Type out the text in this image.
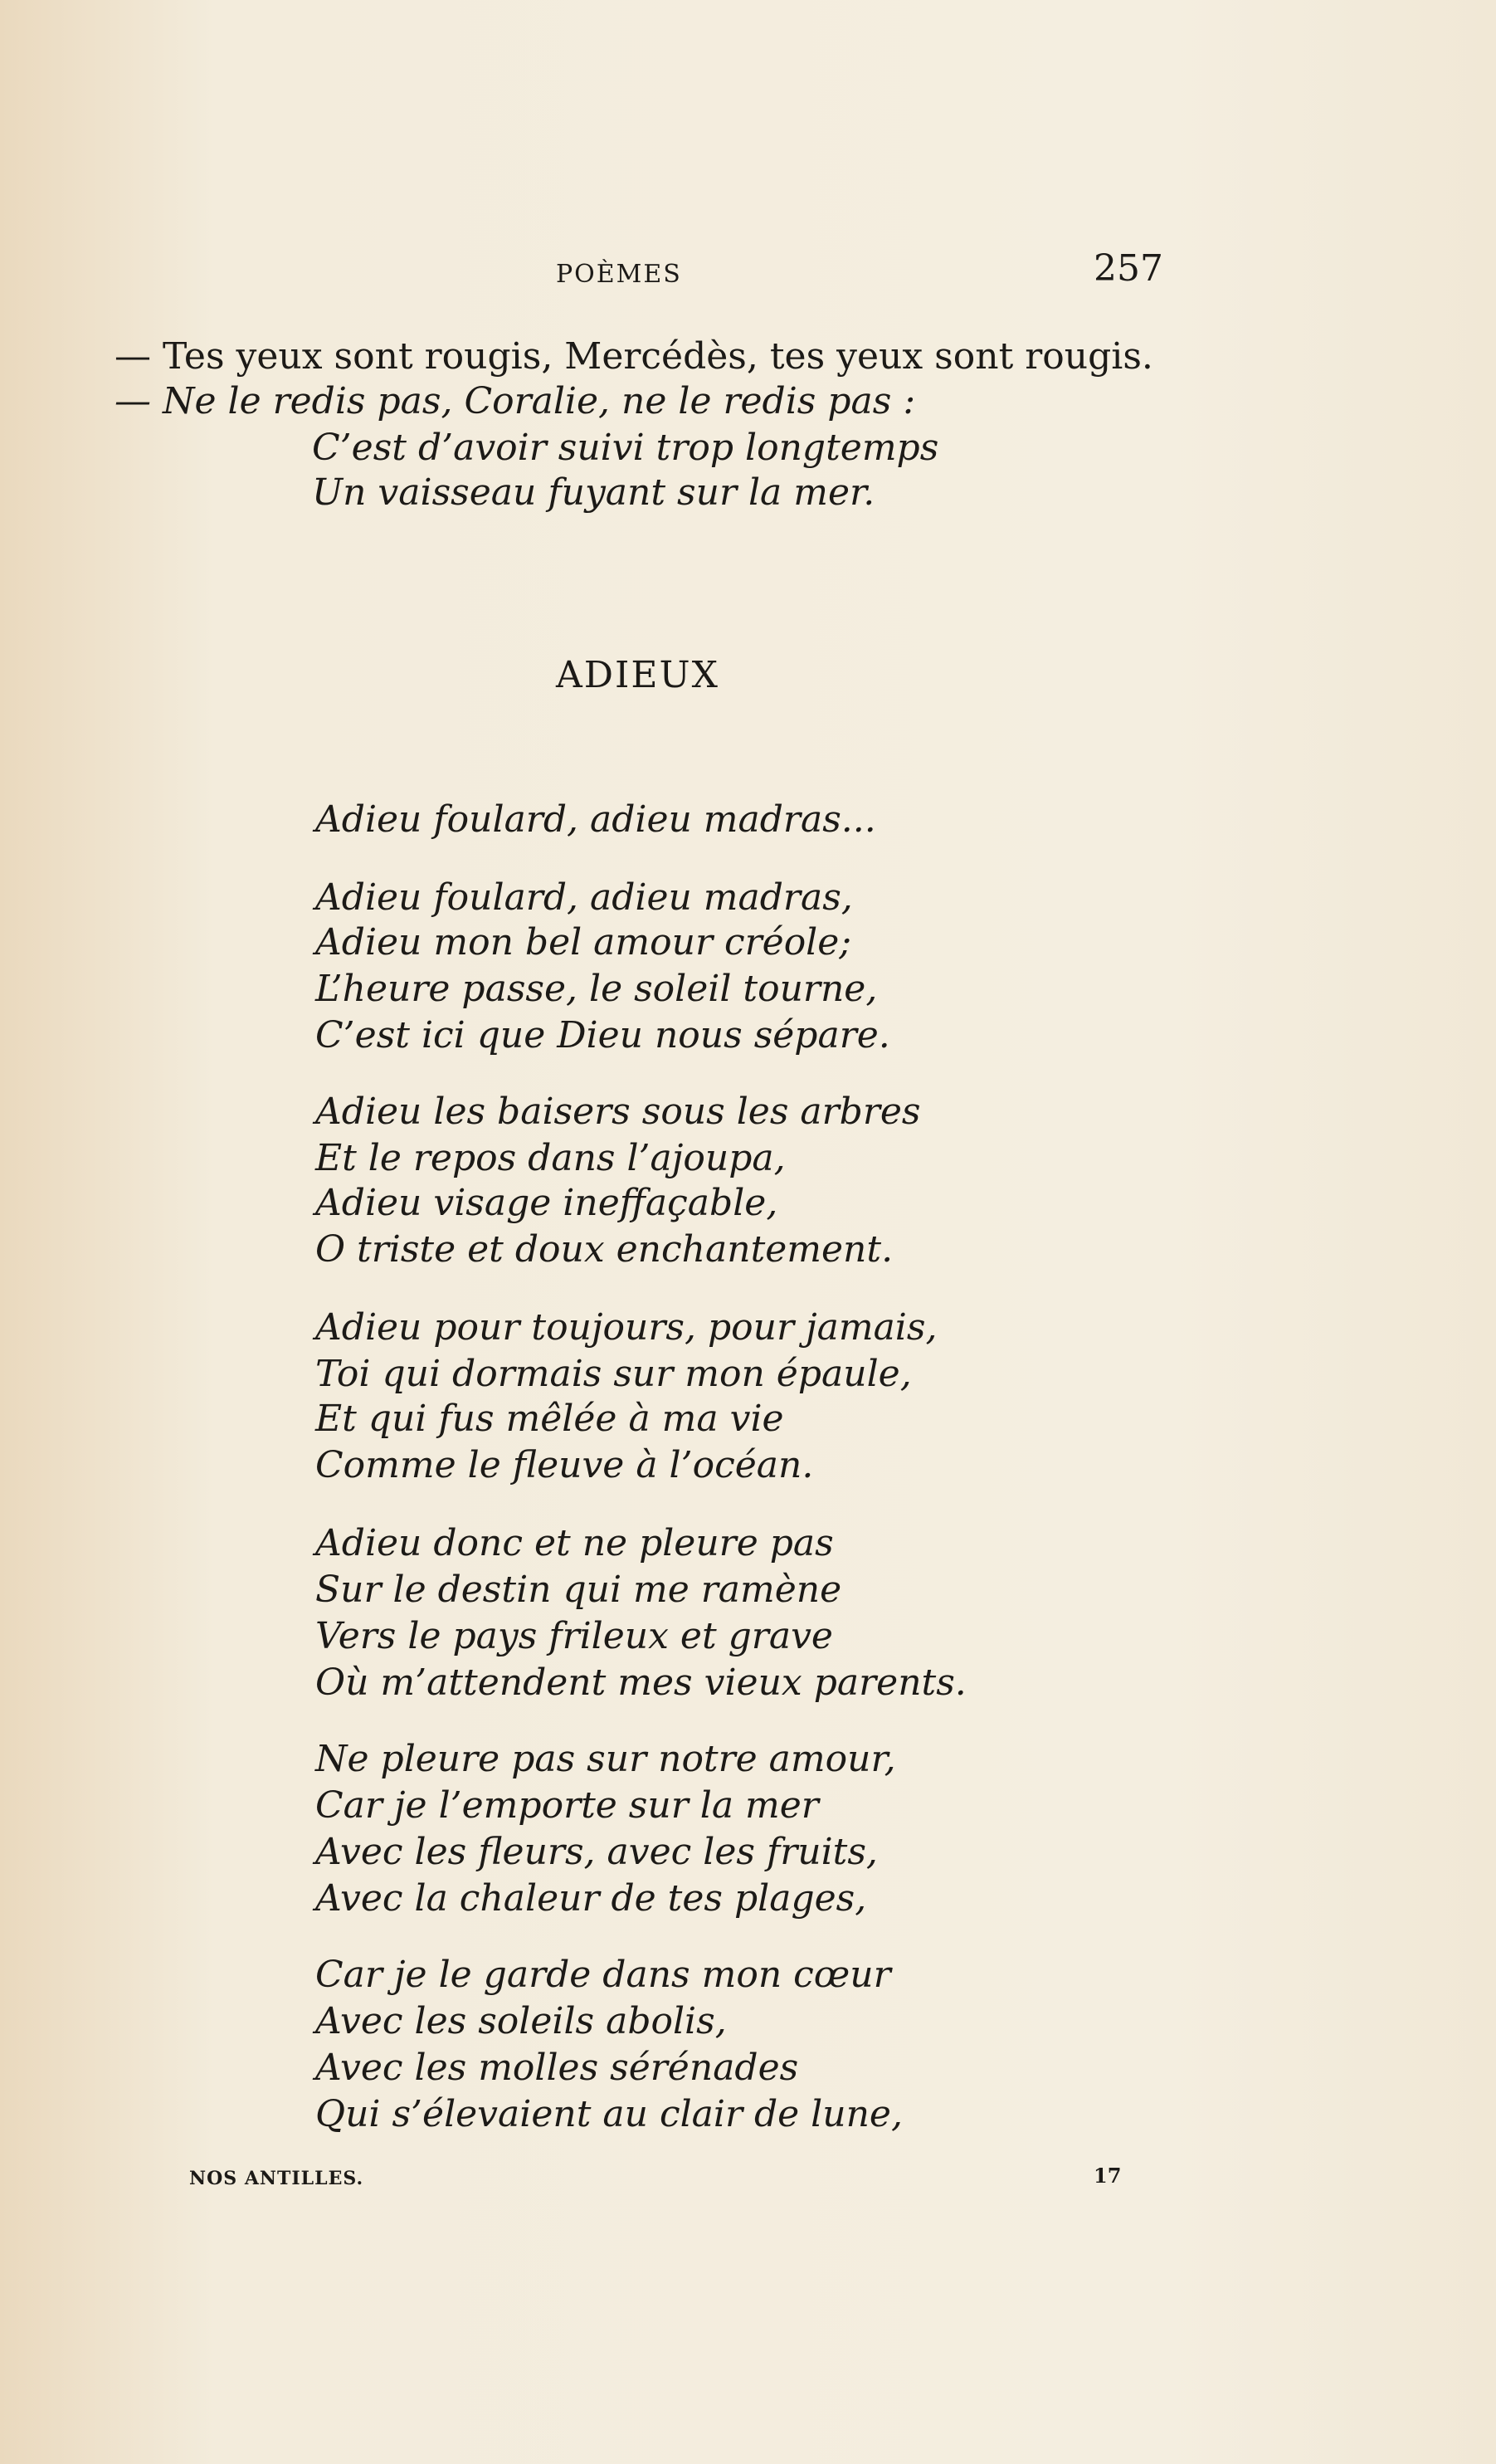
POÈMES	257
— Tes yeux sont rougis, Mercédès, tes yeux sont rougis.
— Ne le redis pas, Coralie, ne le redis pas :
C’est d’avoir suivi trop longtemps
Un vaisseau fuyant sur la mer.
ADIEUX
Adieu foulard, adieu madras...
Adieu foulard, adieu madras,
Adieu mon bel amour créole;
L’heure passe, le soleil tourne,
C’est ici que Dieu nous sépare.
Adieu les baisers sous les arbres
Et le repos dans l’ajoupa,
Adieu visage ineffaçable,
O triste et doux enchantement.
Adieu pour toujours, pour jamais,
Toi qui dormais sur mon épaule,
Et qui fus mêlée à ma vie
Comme le fleuve à l’océan.
Adieu donc et ne pleure pas
Sur le destin qui me ramène
Vers le pays frileux et grave
Où m’attendent mes vieux parents.
Ne pleure pas sur notre amour,
Car je l’emporte sur la mer
Avec les fleurs, avec les fruits,
Avec la chaleur de tes plages,
Car je le garde dans mon cœur
Avec les soleils abolis,
Avec les molles sérénades
Qui s’élevaient au clair de lune,
NOS ANTILLES.	17
